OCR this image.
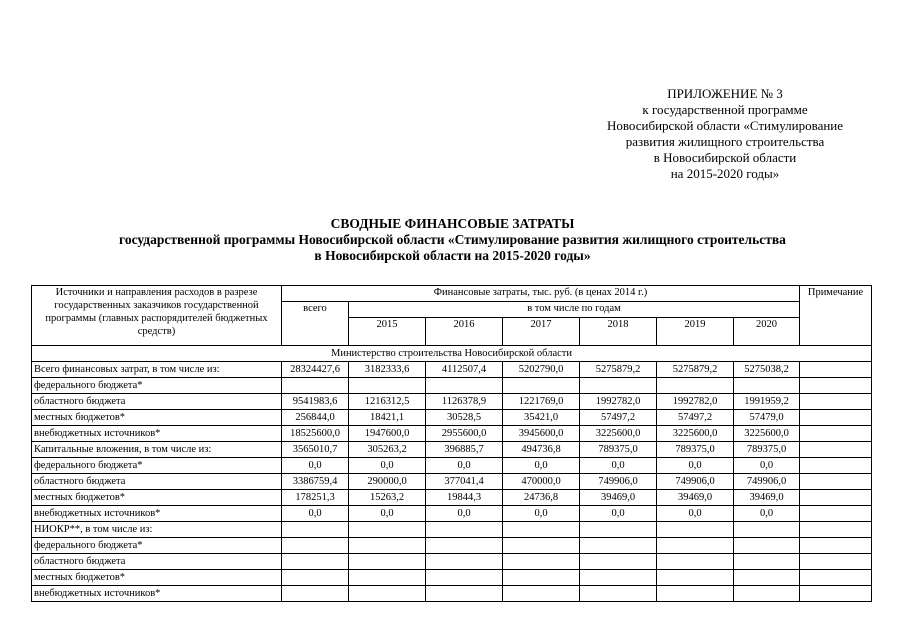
ПРИЛОЖЕНИЕ № 3
к государственной программе
Новосибирской области «Стимулирование
развития жилищного строительства
в Новосибирской области
на 2015-2020 годы»
СВОДНЫЕ ФИНАНСОВЫЕ ЗАТРАТЫ
государственной программы Новосибирской области «Стимулирование развития жилищного строительства
в Новосибирской области на 2015-2020 годы»
Источники и направления расходов в разрезе государственных заказчиков государственной программы (главных распорядителей бюджетных средств)	Финансовые затраты, тыс. руб. (в ценах 2014 г.)							Примечание
	всего	в том числе по годам						
		2015	2016	2017	2018	2019	2020	
Министерство строительства Новосибирской области								
Всего финансовых затрат, в том числе из:	28324427,6	3182333,6	4112507,4	5202790,0	5275879,2	5275879,2	5275038,2	
федерального бюджета*								
областного бюджета	9541983,6	1216312,5	1126378,9	1221769,0	1992782,0	1992782,0	1991959,2	
местных бюджетов*	256844,0	18421,1	30528,5	35421,0	57497,2	57497,2	57479,0	
внебюджетных источников*	18525600,0	1947600,0	2955600,0	3945600,0	3225600,0	3225600,0	3225600,0	
Капитальные вложения, в том числе из:	3565010,7	305263,2	396885,7	494736,8	789375,0	789375,0	789375,0	
федерального бюджета*	0,0	0,0	0,0	0,0	0,0	0,0	0,0	
областного бюджета	3386759,4	290000,0	377041,4	470000,0	749906,0	749906,0	749906,0	
местных бюджетов*	178251,3	15263,2	19844,3	24736,8	39469,0	39469,0	39469,0	
внебюджетных источников*	0,0	0,0	0,0	0,0	0,0	0,0	0,0	
НИОКР**, в том числе из:								
федерального бюджета*								
областного бюджета								
местных бюджетов*								
внебюджетных источников*								
